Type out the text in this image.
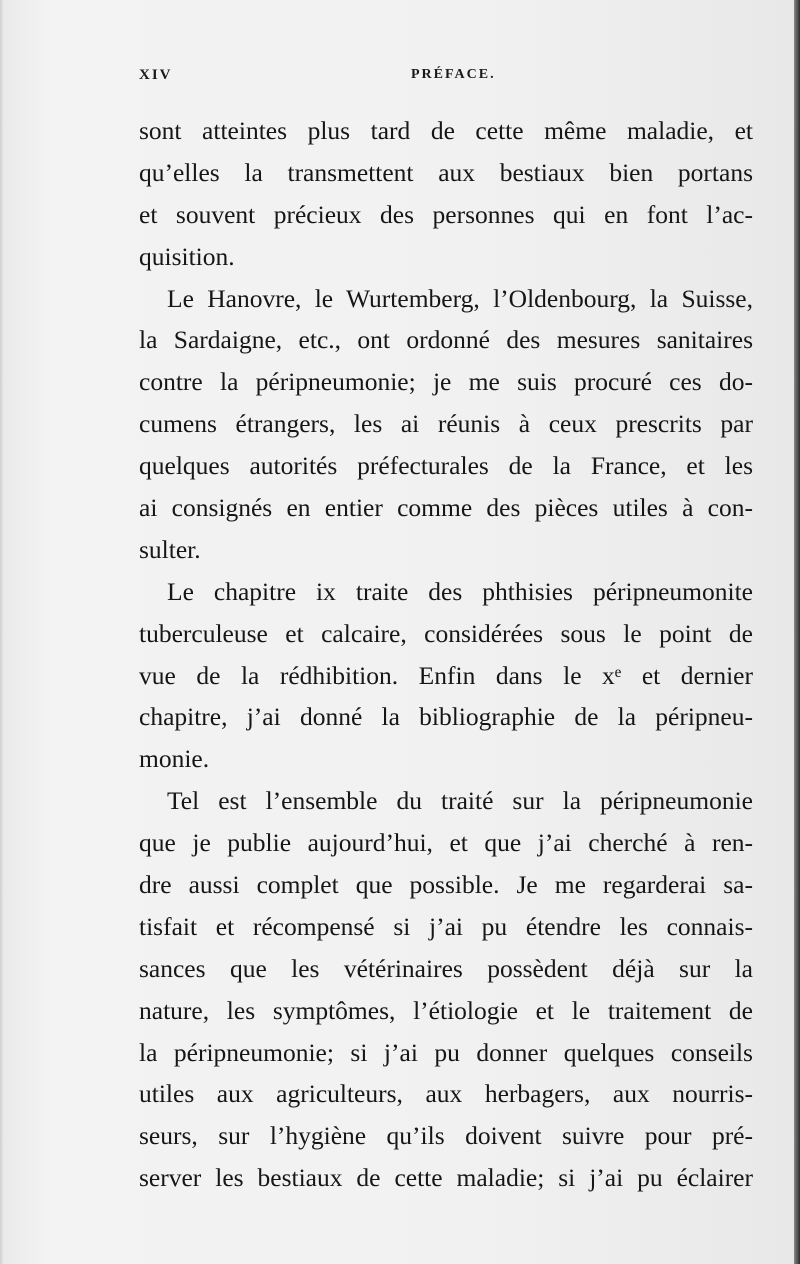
XIV	PRÉFACE.
sont atteintes plus tard de cette même maladie, et
qu’elles la transmettent aux bestiaux bien portans
et souvent précieux des personnes qui en font l’ac-
quisition.
Le Hanovre, le Wurtemberg, l’Oldenbourg, la Suisse,
la Sardaigne, etc., ont ordonné des mesures sanitaires
contre la péripneumonie; je me suis procuré ces do-
cumens étrangers, les ai réunis à ceux prescrits par
quelques autorités préfecturales de la France, et les
ai consignés en entier comme des pièces utiles à con-
sulter.
Le chapitre ix traite des phthisies péripneumonite
tuberculeuse et calcaire, considérées sous le point de
vue de la rédhibition. Enfin dans le xᵉ et dernier
chapitre, j’ai donné la bibliographie de la péripneu-
monie.
Tel est l’ensemble du traité sur la péripneumonie
que je publie aujourd’hui, et que j’ai cherché à ren-
dre aussi complet que possible. Je me regarderai sa-
tisfait et récompensé si j’ai pu étendre les connais-
sances que les vétérinaires possèdent déjà sur la
nature, les symptômes, l’étiologie et le traitement de
la péripneumonie; si j’ai pu donner quelques conseils
utiles aux agriculteurs, aux herbagers, aux nourris-
seurs, sur l’hygiène qu’ils doivent suivre pour pré-
server les bestiaux de cette maladie; si j’ai pu éclairer
